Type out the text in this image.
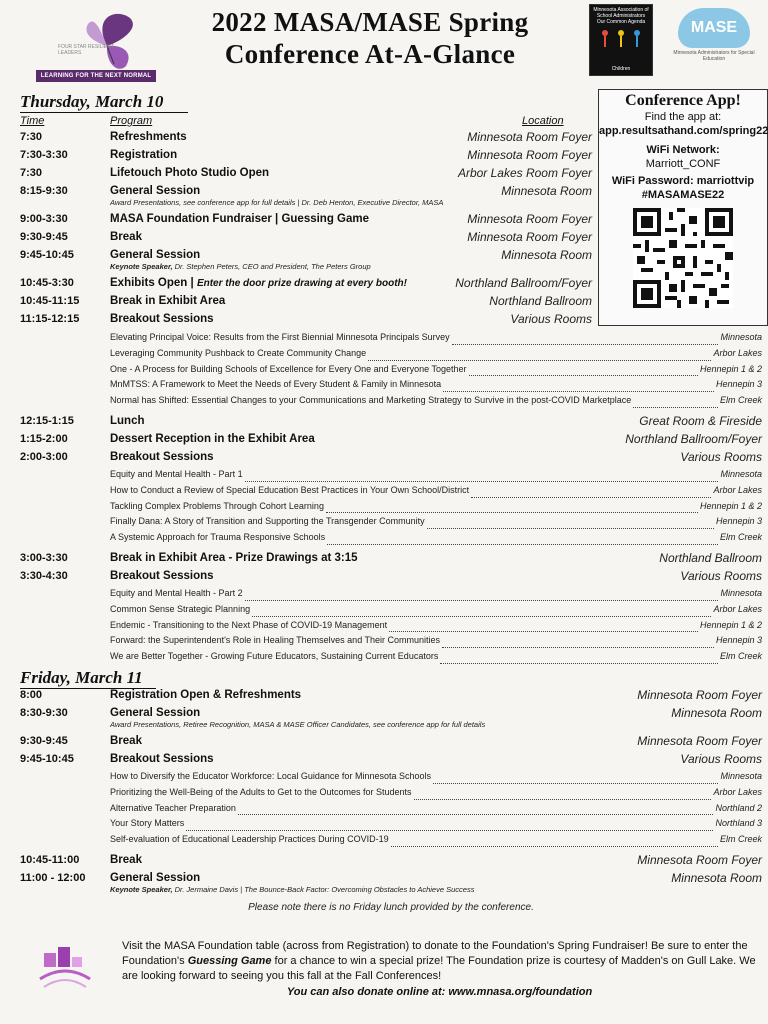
FOUR STAR RESILIENT LEADERS
LEARNING FOR THE NEXT NORMAL
2022 MASA/MASE Spring
Conference At-A-Glance
Minnesota Association of School Administrators
Our Common Agenda
Children
MASE
Minnesota Administrators for Special Education
Thursday, March 10
Time	Program	Location
7:30	Refreshments	Minnesota Room Foyer
7:30-3:30	Registration	Minnesota Room Foyer
7:30	Lifetouch Photo Studio Open	Arbor Lakes Room Foyer
8:15-9:30	General Session	Minnesota Room
Award Presentations, see conference app for full details | Dr. Deb Henton, Executive Director, MASA
9:00-3:30	MASA Foundation Fundraiser | Guessing Game	Minnesota Room Foyer
9:30-9:45	Break	Minnesota Room Foyer
9:45-10:45	General Session	Minnesota Room
Keynote Speaker, Dr. Stephen Peters, CEO and President, The Peters Group
10:45-3:30	Exhibits Open | Enter the door prize drawing at every booth!	Northland Ballroom/Foyer
10:45-11:15	Break in Exhibit Area	Northland Ballroom
11:15-12:15	Breakout Sessions	Various Rooms
Elevating Principal Voice: Results from the First Biennial Minnesota Principals Survey	Minnesota
Leveraging Community Pushback to Create Community Change	Arbor Lakes
One - A Process for Building Schools of Excellence for Every One and Everyone Together	Hennepin 1 & 2
MnMTSS: A Framework to Meet the Needs of Every Student & Family in Minnesota	Hennepin 3
Normal has Shifted: Essential Changes to your Communications and Marketing Strategy to Survive in the post-COVID Marketplace	Elm Creek
12:15-1:15	Lunch	Great Room & Fireside
1:15-2:00	Dessert Reception in the Exhibit Area	Northland Ballroom/Foyer
2:00-3:00	Breakout Sessions	Various Rooms
Equity and Mental Health - Part 1	Minnesota
How to Conduct a Review of Special Education Best Practices in Your Own School/District	Arbor Lakes
Tackling Complex Problems Through Cohort Learning	Hennepin 1 & 2
Finally Dana: A Story of Transition and Supporting the Transgender Community	Hennepin 3
A Systemic Approach for Trauma Responsive Schools	Elm Creek
3:00-3:30	Break in Exhibit Area - Prize Drawings at 3:15	Northland Ballroom
3:30-4:30	Breakout Sessions	Various Rooms
Equity and Mental Health - Part 2	Minnesota
Common Sense Strategic Planning	Arbor Lakes
Endemic - Transitioning to the Next Phase of COVID-19 Management	Hennepin 1 & 2
Forward: the Superintendent's Role in Healing Themselves and Their Communities	Hennepin 3
We are Better Together - Growing Future Educators, Sustaining Current Educators	Elm Creek
Conference App!
Find the app at:
app.resultsathand.com/spring22
WiFi Network:
Marriott_CONF
WiFi Password: marriottvip
#MASAMASE22
Friday, March 11
8:00	Registration Open & Refreshments	Minnesota Room Foyer
8:30-9:30	General Session	Minnesota Room
Award Presentations, Retiree Recognition, MASA & MASE Officer Candidates, see conference app for full details
9:30-9:45	Break	Minnesota Room Foyer
9:45-10:45	Breakout Sessions	Various Rooms
How to Diversify the Educator Workforce: Local Guidance for Minnesota Schools	Minnesota
Prioritizing the Well-Being of the Adults to Get to the Outcomes for Students	Arbor Lakes
Alternative Teacher Preparation	Northland 2
Your Story Matters	Northland 3
Self-evaluation of Educational Leadership Practices During COVID-19	Elm Creek
10:45-11:00	Break	Minnesota Room Foyer
11:00 - 12:00 General Session	Minnesota Room
Keynote Speaker, Dr. Jermaine Davis | The Bounce-Back Factor: Overcoming Obstacles to Achieve Success
Please note there is no Friday lunch provided by the conference.
Visit the MASA Foundation table (across from Registration) to donate to the Foundation's Spring Fundraiser! Be sure to enter the Foundation's Guessing Game for a chance to win a special prize! The Foundation prize is courtesy of Madden's on Gull Lake. We are looking forward to seeing you this fall at the Fall Conferences!
You can also donate online at: www.mnasa.org/foundation
